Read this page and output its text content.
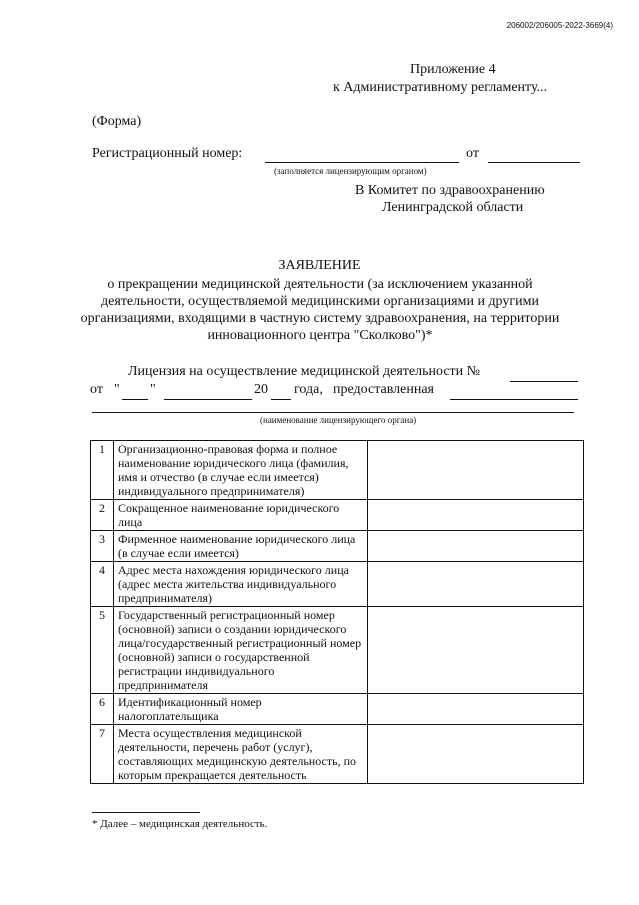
206002/206005-2022-3669(4)
Приложение 4
к Административному регламенту...
(Форма)
Регистрационный номер:
(заполняется лицензирующим органом)
от
В Комитет по здравоохранению
Ленинградской области
ЗАЯВЛЕНИЕ
о прекращении медицинской деятельности (за исключением указанной деятельности, осуществляемой медицинскими организациями и другими организациями, входящими в частную систему здравоохранения, на территории инновационного центра "Сколково")*
Лицензия на осуществление медицинской деятельности №
от " "	20 года, предоставленная
(наименование лицензирующего органа)
1	Организационно-правовая форма и полное наименование юридического лица (фамилия, имя и отчество (в случае если имеется) индивидуального предпринимателя)	
2	Сокращенное наименование юридического лица	
3	Фирменное наименование юридического лица (в случае если имеется)	
4	Адрес места нахождения юридического лица (адрес места жительства индивидуального предпринимателя)	
5	Государственный регистрационный номер (основной) записи о создании юридического лица/государственный регистрационный номер (основной) записи о государственной регистрации индивидуального предпринимателя	
6	Идентификационный номер налогоплательщика	
7	Места осуществления медицинской деятельности, перечень работ (услуг), составляющих медицинскую деятельность, по которым прекращается деятельность	
* Далее – медицинская деятельность.
